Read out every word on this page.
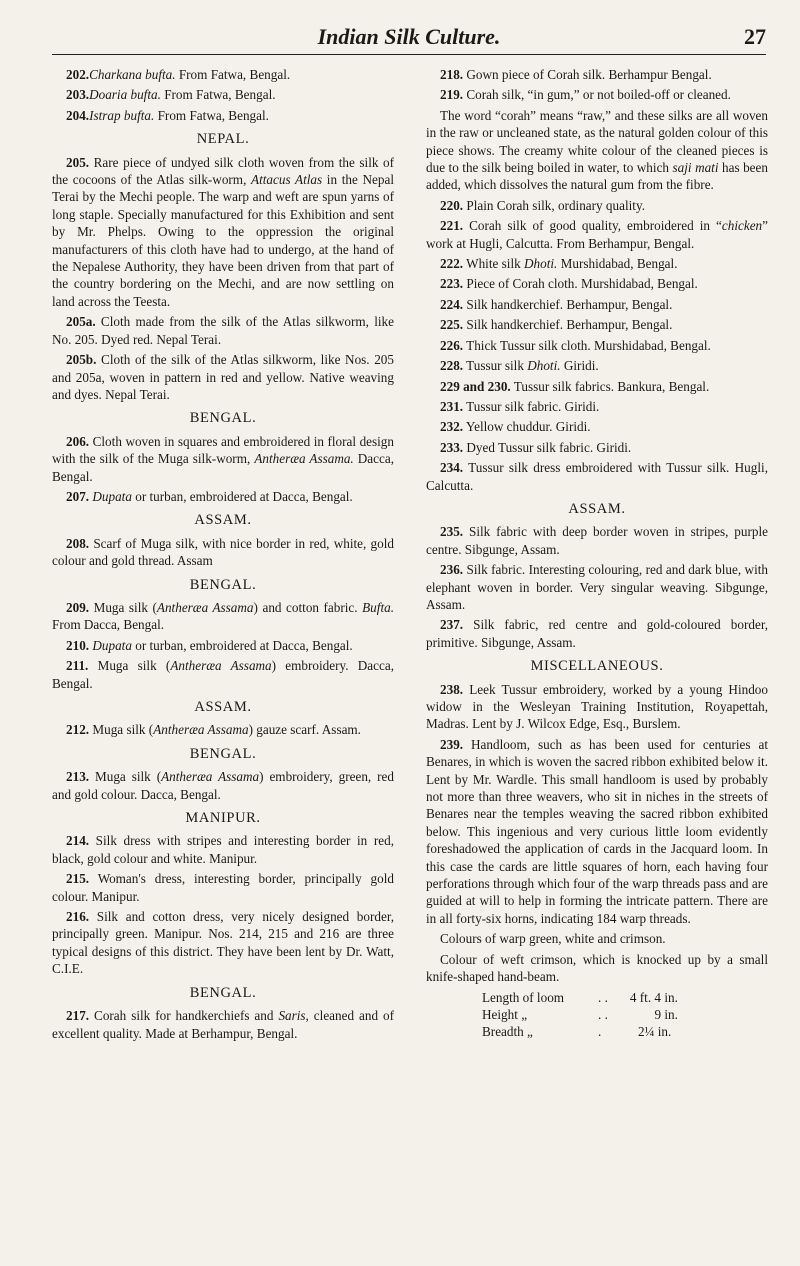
Indian Silk Culture.	27

202.Charkana bufta. From Fatwa, Bengal.

203.Doaria bufta. From Fatwa, Bengal.

204.Istrap bufta. From Fatwa, Bengal.

NEPAL.

205. Rare piece of undyed silk cloth woven from the silk of the cocoons of the Atlas silk-worm, Attacus Atlas in the Nepal Terai by the Mechi people. The warp and weft are spun yarns of long staple. Specially manufactured for this Exhibition and sent by Mr. Phelps. Owing to the oppression the original manufacturers of this cloth have had to undergo, at the hand of the Nepalese Authority, they have been driven from that part of the country bordering on the Mechi, and are now settling on land across the Teesta.

205a. Cloth made from the silk of the Atlas silkworm, like No. 205. Dyed red. Nepal Terai.

205b. Cloth of the silk of the Atlas silkworm, like Nos. 205 and 205a, woven in pattern in red and yellow. Native weaving and dyes. Nepal Terai.

BENGAL.

206. Cloth woven in squares and embroidered in floral design with the silk of the Muga silk-worm, Antheræa Assama. Dacca, Bengal.

207. Dupata or turban, embroidered at Dacca, Bengal.

ASSAM.

208. Scarf of Muga silk, with nice border in red, white, gold colour and gold thread. Assam

BENGAL.

209. Muga silk (Antheræa Assama) and cotton fabric. Bufta. From Dacca, Bengal.

210. Dupata or turban, embroidered at Dacca, Bengal.

211. Muga silk (Antheræa Assama) embroidery. Dacca, Bengal.

ASSAM.

212. Muga silk (Antheræa Assama) gauze scarf. Assam.

BENGAL.

213. Muga silk (Antheræa Assama) embroidery, green, red and gold colour. Dacca, Bengal.

MANIPUR.

214. Silk dress with stripes and interesting border in red, black, gold colour and white. Manipur.

215. Woman's dress, interesting border, principally gold colour. Manipur.

216. Silk and cotton dress, very nicely designed border, principally green. Manipur. Nos. 214, 215 and 216 are three typical designs of this district. They have been lent by Dr. Watt, C.I.E.

BENGAL.

217. Corah silk for handkerchiefs and Saris, cleaned and of excellent quality. Made at Berhampur, Bengal.

218. Gown piece of Corah silk. Berhampur Bengal.

219. Corah silk, “in gum,” or not boiled-off or cleaned.

The word “corah” means “raw,” and these silks are all woven in the raw or uncleaned state, as the natural golden colour of this piece shows. The creamy white colour of the cleaned pieces is due to the silk being boiled in water, to which saji mati has been added, which dissolves the natural gum from the fibre.

220. Plain Corah silk, ordinary quality.

221. Corah silk of good quality, embroidered in “chicken” work at Hugli, Calcutta. From Berhampur, Bengal.

222. White silk Dhoti. Murshidabad, Bengal.

223. Piece of Corah cloth. Murshidabad, Bengal.

224. Silk handkerchief. Berhampur, Bengal.

225. Silk handkerchief. Berhampur, Bengal.

226. Thick Tussur silk cloth. Murshidabad, Bengal.

228. Tussur silk Dhoti. Giridi.

229 and 230. Tussur silk fabrics. Bankura, Bengal.

231. Tussur silk fabric. Giridi.

232. Yellow chuddur. Giridi.

233. Dyed Tussur silk fabric. Giridi.

234. Tussur silk dress embroidered with Tussur silk. Hugli, Calcutta.

ASSAM.

235. Silk fabric with deep border woven in stripes, purple centre. Sibgunge, Assam.

236. Silk fabric. Interesting colouring, red and dark blue, with elephant woven in border. Very singular weaving. Sibgunge, Assam.

237. Silk fabric, red centre and gold-coloured border, primitive. Sibgunge, Assam.

MISCELLANEOUS.

238. Leek Tussur embroidery, worked by a young Hindoo widow in the Wesleyan Training Institution, Royapettah, Madras. Lent by J. Wilcox Edge, Esq., Burslem.

239. Handloom, such as has been used for centuries at Benares, in which is woven the sacred ribbon exhibited below it. Lent by Mr. Wardle. This small handloom is used by probably not more than three weavers, who sit in niches in the streets of Benares near the temples weaving the sacred ribbon exhibited below. This ingenious and very curious little loom evidently foreshadowed the application of cards in the Jacquard loom. In this case the cards are little squares of horn, each having four perforations through which four of the warp threads pass and are guided at will to help in forming the intricate pattern. There are in all forty-six horns, indicating 184 warp threads.

Colours of warp green, white and crimson.

Colour of weft crimson, which is knocked up by a small knife-shaped hand-beam.

Length of loom	. .	4 ft. 4 in.
Height „	. .	9 in.
Breadth „	.	2¼ in.
